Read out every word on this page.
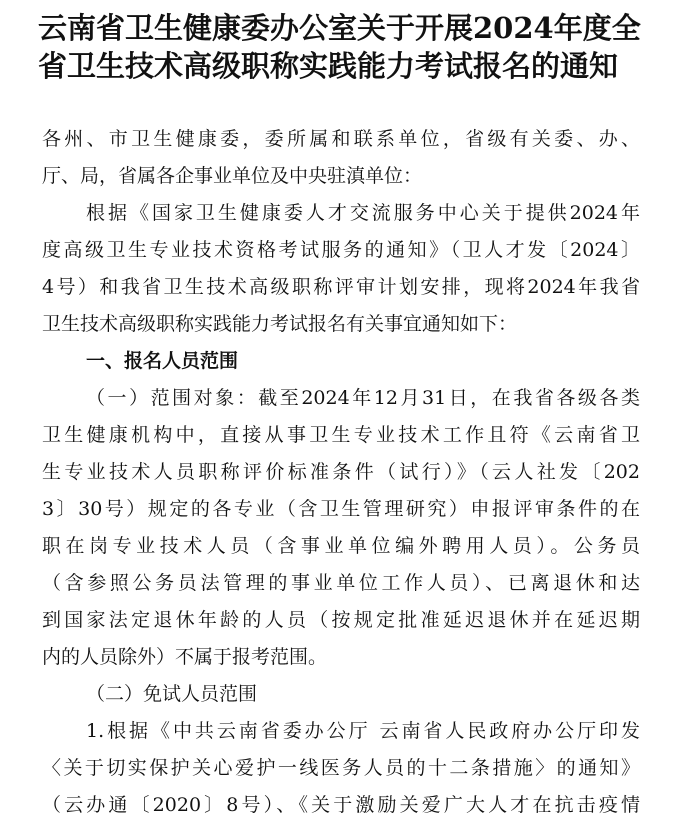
云南省卫生健康委办公室关于开展2024年度全
省卫生技术高级职称实践能力考试报名的通知
各州、市卫生健康委，委所属和联系单位，省级有关委、办、
厅、局，省属各企事业单位及中央驻滇单位：
根据《国家卫生健康委人才交流服务中心关于提供2024年
度高级卫生专业技术资格考试服务的通知》（卫人才发〔2024〕
4号）和我省卫生技术高级职称评审计划安排，现将2024年我省
卫生技术高级职称实践能力考试报名有关事宜通知如下：
一、报名人员范围
（一）范围对象：截至2024年12月31日，在我省各级各类
卫生健康机构中，直接从事卫生专业技术工作且符《云南省卫
生专业技术人员职称评价标准条件（试行）》（云人社发〔202
3〕30号）规定的各专业（含卫生管理研究）申报评审条件的在
职在岗专业技术人员（含事业单位编外聘用人员）。公务员
（含参照公务员法管理的事业单位工作人员）、已离退休和达
到国家法定退休年龄的人员（按规定批准延迟退休并在延迟期
内的人员除外）不属于报考范围。
（二）免试人员范围
1.根据《中共云南省委办公厅 云南省人民政府办公厅印发
〈关于切实保护关心爱护一线医务人员的十二条措施〉的通知》
（云办通〔2020〕8号）、《关于激励关爱广大人才在抗击疫情
